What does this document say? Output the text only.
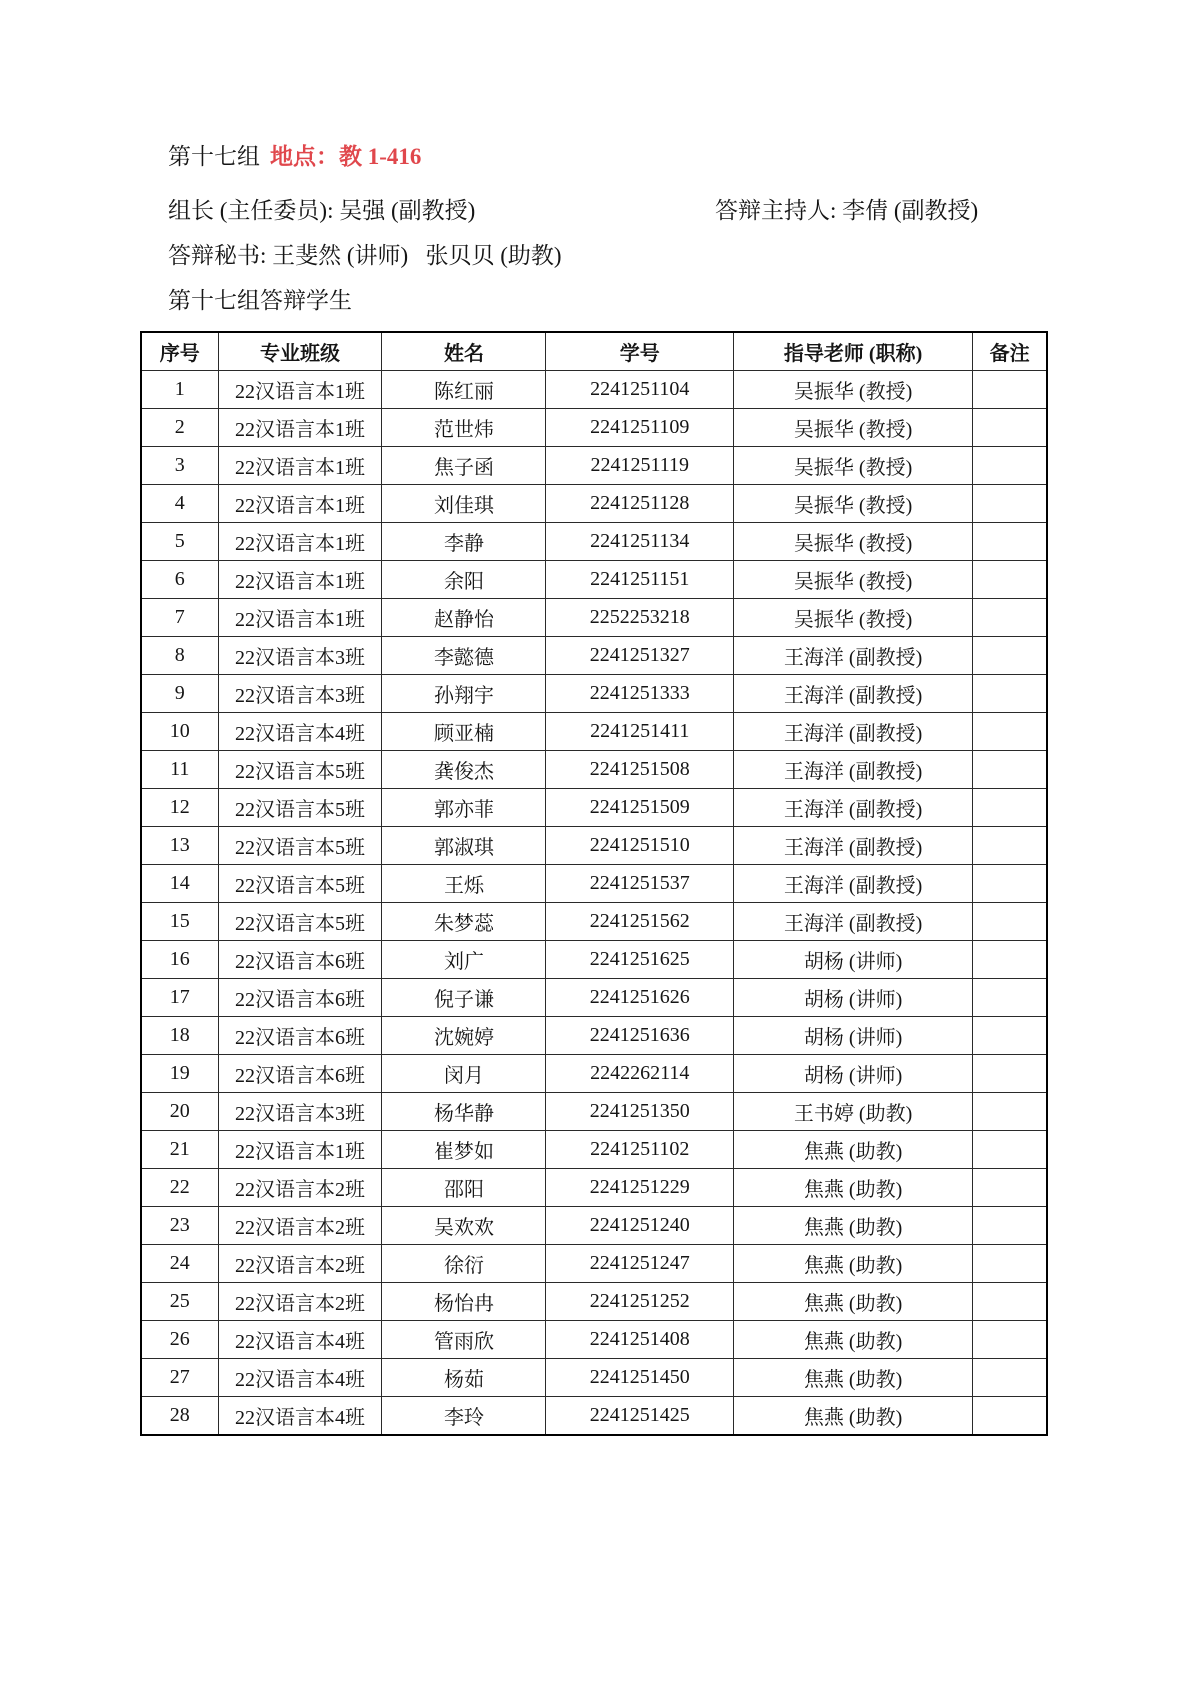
第十七组 地点：教 1-416
组长 (主任委员): 吴强 (副教授)	答辩主持人: 李倩 (副教授)
答辩秘书: 王斐然 (讲师)   张贝贝 (助教)
第十七组答辩学生
序号	专业班级	姓名	学号	指导老师 (职称)	备注
1	22汉语言本1班	陈红丽	2241251104	吴振华 (教授)	
2	22汉语言本1班	范世炜	2241251109	吴振华 (教授)	
3	22汉语言本1班	焦子函	2241251119	吴振华 (教授)	
4	22汉语言本1班	刘佳琪	2241251128	吴振华 (教授)	
5	22汉语言本1班	李静	2241251134	吴振华 (教授)	
6	22汉语言本1班	余阳	2241251151	吴振华 (教授)	
7	22汉语言本1班	赵静怡	2252253218	吴振华 (教授)	
8	22汉语言本3班	李懿德	2241251327	王海洋 (副教授)	
9	22汉语言本3班	孙翔宇	2241251333	王海洋 (副教授)	
10	22汉语言本4班	顾亚楠	2241251411	王海洋 (副教授)	
11	22汉语言本5班	龚俊杰	2241251508	王海洋 (副教授)	
12	22汉语言本5班	郭亦菲	2241251509	王海洋 (副教授)	
13	22汉语言本5班	郭淑琪	2241251510	王海洋 (副教授)	
14	22汉语言本5班	王烁	2241251537	王海洋 (副教授)	
15	22汉语言本5班	朱梦蕊	2241251562	王海洋 (副教授)	
16	22汉语言本6班	刘广	2241251625	胡杨 (讲师)	
17	22汉语言本6班	倪子谦	2241251626	胡杨 (讲师)	
18	22汉语言本6班	沈婉婷	2241251636	胡杨 (讲师)	
19	22汉语言本6班	闵月	2242262114	胡杨 (讲师)	
20	22汉语言本3班	杨华静	2241251350	王书婷 (助教)	
21	22汉语言本1班	崔梦如	2241251102	焦燕 (助教)	
22	22汉语言本2班	邵阳	2241251229	焦燕 (助教)	
23	22汉语言本2班	吴欢欢	2241251240	焦燕 (助教)	
24	22汉语言本2班	徐衍	2241251247	焦燕 (助教)	
25	22汉语言本2班	杨怡冉	2241251252	焦燕 (助教)	
26	22汉语言本4班	管雨欣	2241251408	焦燕 (助教)	
27	22汉语言本4班	杨茹	2241251450	焦燕 (助教)	
28	22汉语言本4班	李玲	2241251425	焦燕 (助教)	
